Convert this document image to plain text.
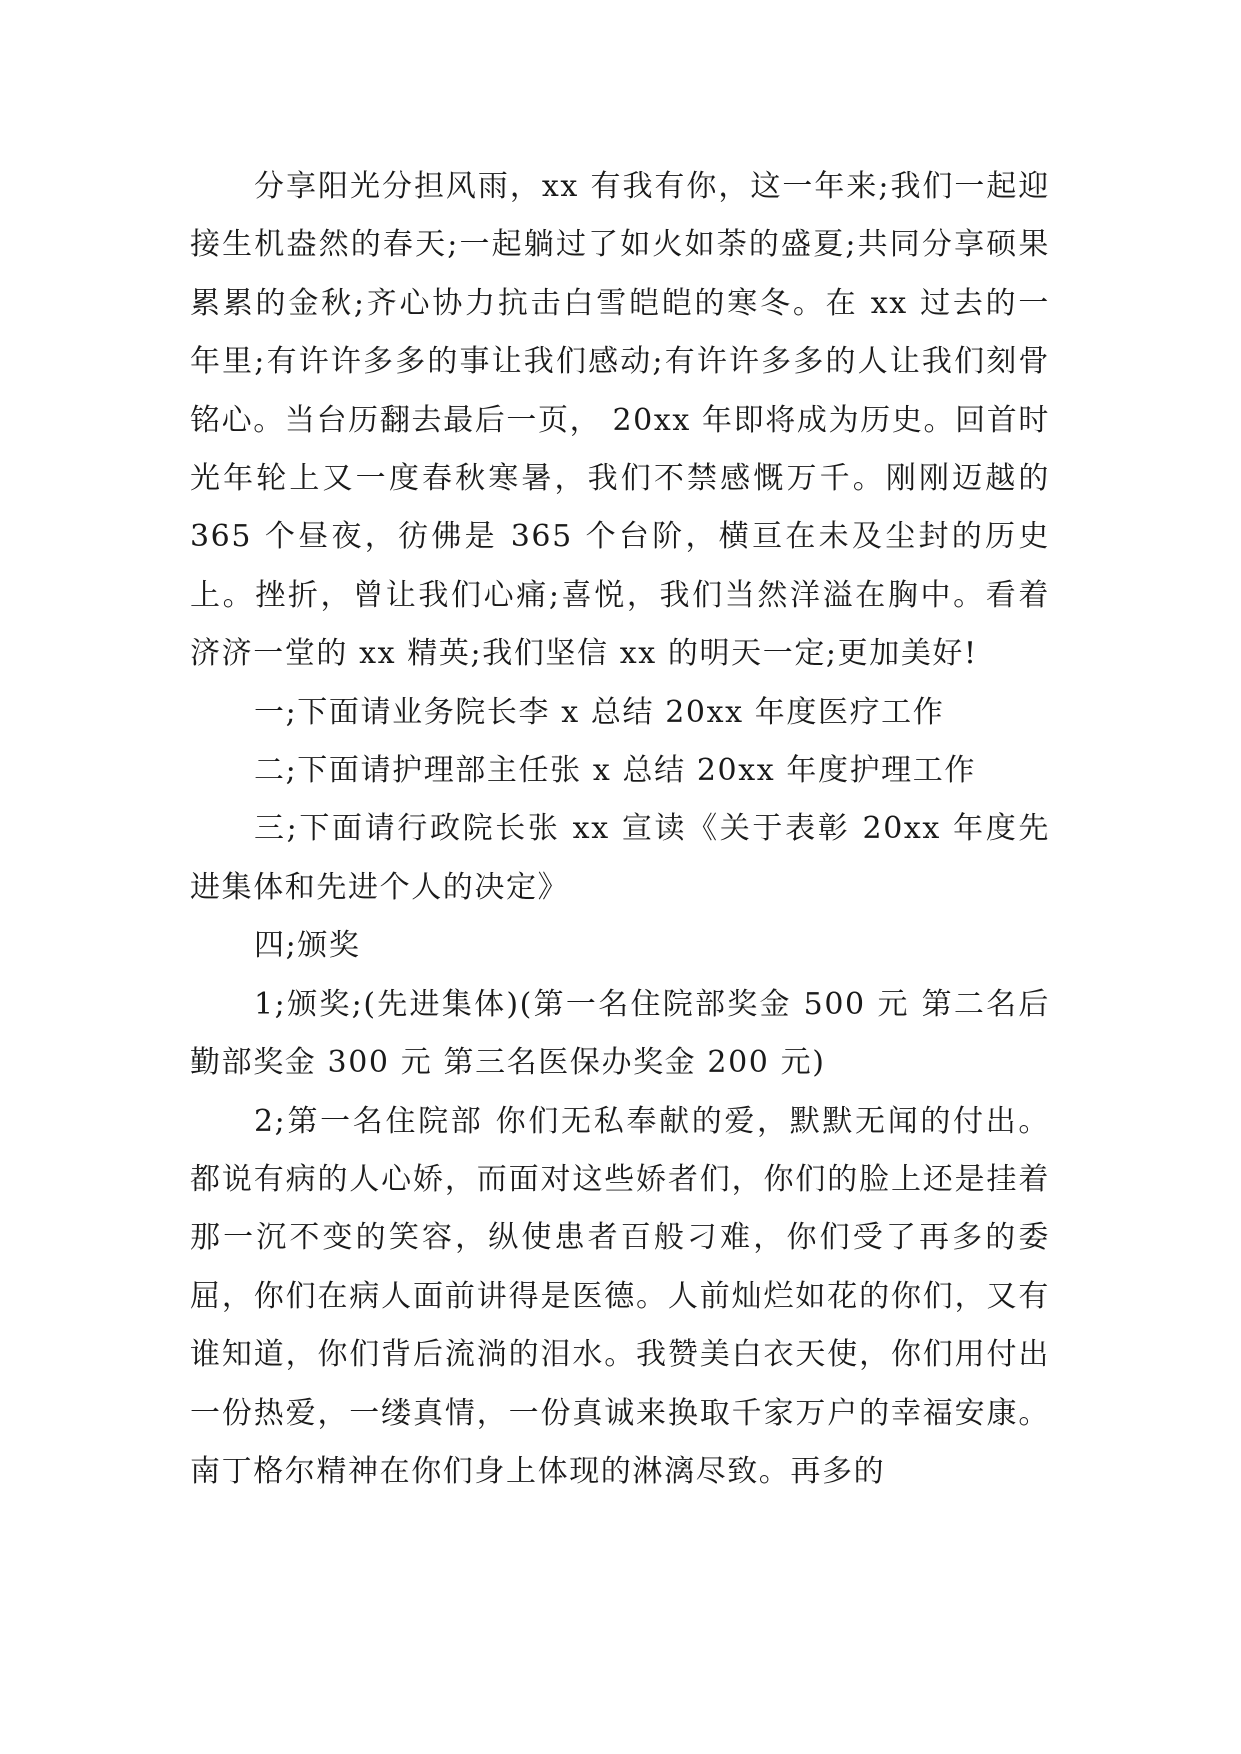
分享阳光分担风雨，xx 有我有你，这一年来;我们一起迎接生机盎然的春天;一起躺过了如火如荼的盛夏;共同分享硕果累累的金秋;齐心协力抗击白雪皑皑的寒冬。在 xx 过去的一年里;有许许多多的事让我们感动;有许许多多的人让我们刻骨铭心。当台历翻去最后一页， 20xx 年即将成为历史。回首时光年轮上又一度春秋寒暑，我们不禁感慨万千。刚刚迈越的 365 个昼夜，彷佛是 365 个台阶，横亘在未及尘封的历史上。挫折，曾让我们心痛;喜悦，我们当然洋溢在胸中。看着济济一堂的 xx 精英;我们坚信 xx 的明天一定;更加美好!

一;下面请业务院长李 x 总结 20xx 年度医疗工作

二;下面请护理部主任张 x 总结 20xx 年度护理工作

三;下面请行政院长张 xx 宣读《关于表彰 20xx 年度先进集体和先进个人的决定》

四;颁奖

1;颁奖;(先进集体)(第一名住院部奖金 500 元 第二名后勤部奖金 300 元 第三名医保办奖金 200 元)

2;第一名住院部 你们无私奉献的爱，默默无闻的付出。都说有病的人心娇，而面对这些娇者们，你们的脸上还是挂着那一沉不变的笑容，纵使患者百般刁难，你们受了再多的委屈，你们在病人面前讲得是医德。人前灿烂如花的你们，又有谁知道，你们背后流淌的泪水。我赞美白衣天使，你们用付出一份热爱，一缕真情，一份真诚来换取千家万户的幸福安康。南丁格尔精神在你们身上体现的淋漓尽致。再多的
